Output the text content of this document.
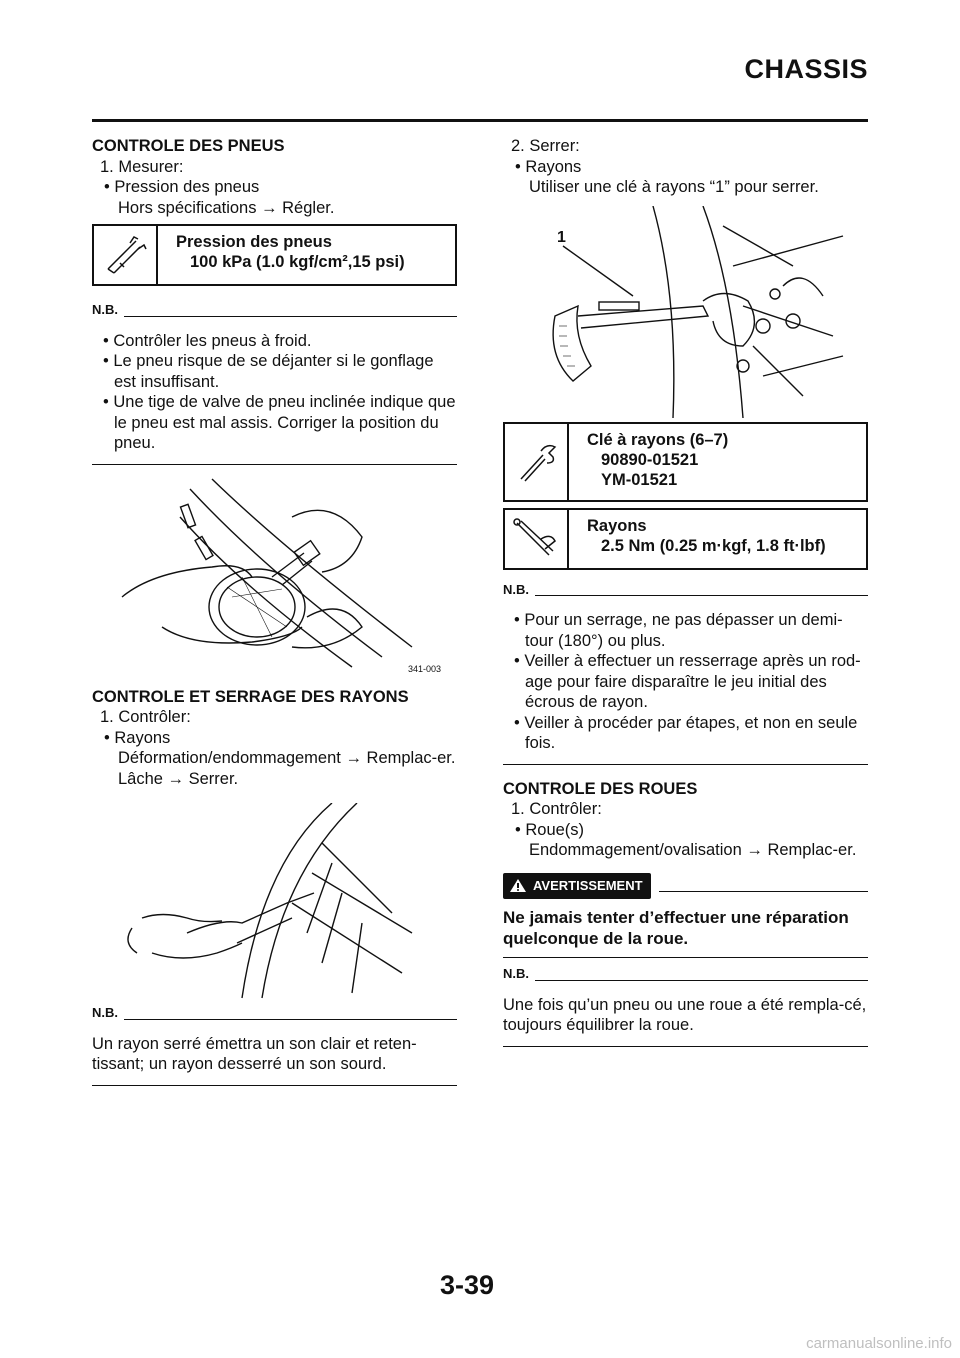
CHASSIS

CONTROLE DES PNEUS

1. Mesurer:

• Pression des pneus

Hors spécifications → Régler.

Pression des pneus
100 kPa (1.0 kgf/cm²,15 psi)
N.B.

• Contrôler les pneus à froid.

• Le pneu risque de se déjanter si le gonflage est insuffisant.

• Une tige de valve de pneu inclinée indique que le pneu est mal assis. Corriger la position du pneu.

341-003

CONTROLE ET SERRAGE DES RAYONS

1. Contrôler:

• Rayons

Déformation/endommagement → Remplac-er.

Lâche → Serrer.

N.B.

Un rayon serré émettra un son clair et reten-tissant; un rayon desserré un son sourd.

2. Serrer:

• Rayons

Utiliser une clé à rayons “1” pour serrer.

1
Clé à rayons (6–7)
90890-01521
YM-01521
Rayons
2.5 Nm (0.25 m·kgf, 1.8 ft·lbf)
N.B.

• Pour un serrage, ne pas dépasser un demi-tour (180°) ou plus.

• Veiller à effectuer un resserrage après un rod-age pour faire disparaître le jeu initial des écrous de rayon.

• Veiller à procéder par étapes, et non en seule fois.

CONTROLE DES ROUES

1. Contrôler:

• Roue(s)

Endommagement/ovalisation → Remplac-er.

AVERTISSEMENT

Ne jamais tenter d’effectuer une réparation quelconque de la roue.

N.B.

Une fois qu’un pneu ou une roue a été rempla-cé, toujours équilibrer la roue.

3-39
carmanualsonline.info
